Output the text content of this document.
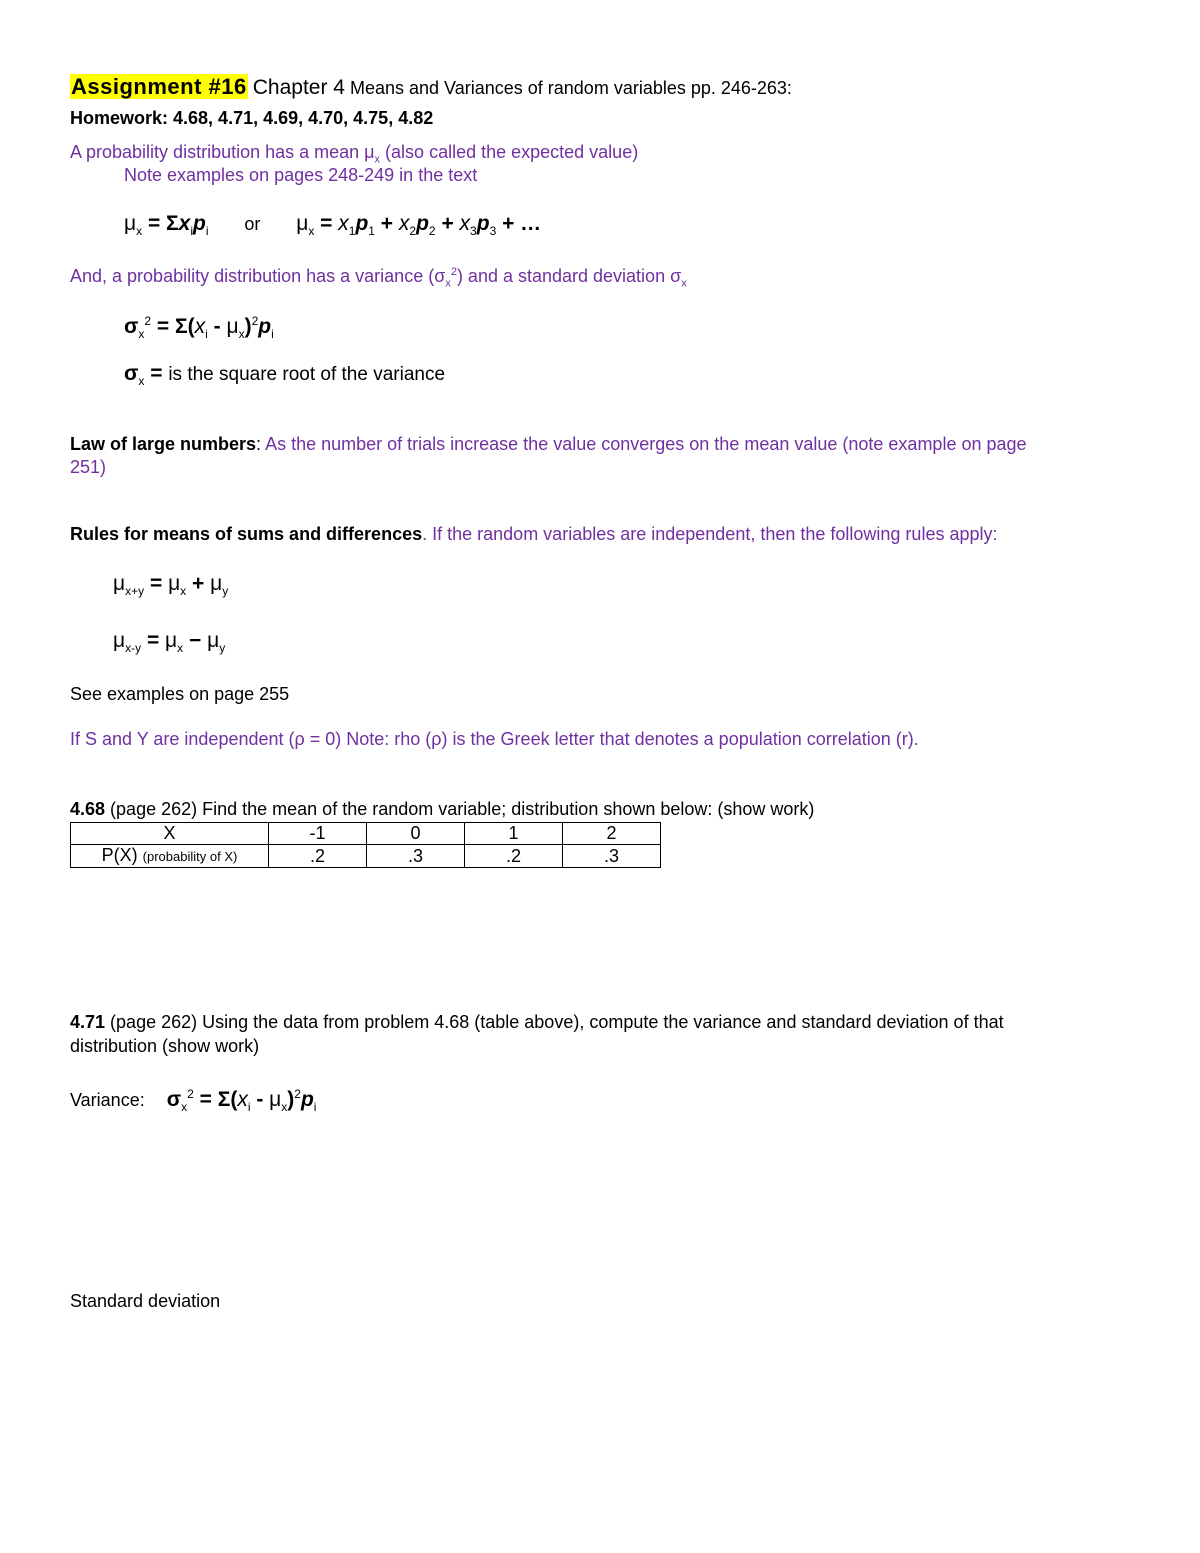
Assignment #16 Chapter 4 Means and Variances of random variables pp. 246-263:
Homework: 4.68, 4.71, 4.69, 4.70, 4.75, 4.82
A probability distribution has a mean $\mu_x$ (also called the expected value)
Note examples on pages 248-249 in the text
$\mu_x = \Sigma x_ip_i$ or $\mu_x = x_1p_1 + x_2p_2 + x_3p_3$ + …
And, a probability distribution has a variance $(\sigma_x^2)$ and a standard deviation $\sigma_x$
$\sigma_x^2 = \Sigma(x_i - \mu_x)^2p_i$
$\sigma_x$ = is the square root of the variance
Law of large numbers: As the number of trials increase the value converges on the mean value (note example on page
251)
Rules for means of sums and differences. If the random variables are independent, then the following rules apply:
$\mu_{x+y} = \mu_x + \mu_y$
$\mu_{x-y} = \mu_x - \mu_y$
See examples on page 255
If S and Y are independent (ρ = 0) Note: rho (ρ) is the Greek letter that denotes a population correlation (r).
4.68 (page 262) Find the mean of the random variable; distribution shown below: (show work)
X	-1	0	1	2
P(X) (probability of X)	.2	.3	.2	.3
4.71 (page 262) Using the data from problem 4.68 (table above), compute the variance and standard deviation of that
distribution (show work)
Variance: $\sigma_x^2 = \Sigma(x_i - \mu_x)^2p_i$
Standard deviation
